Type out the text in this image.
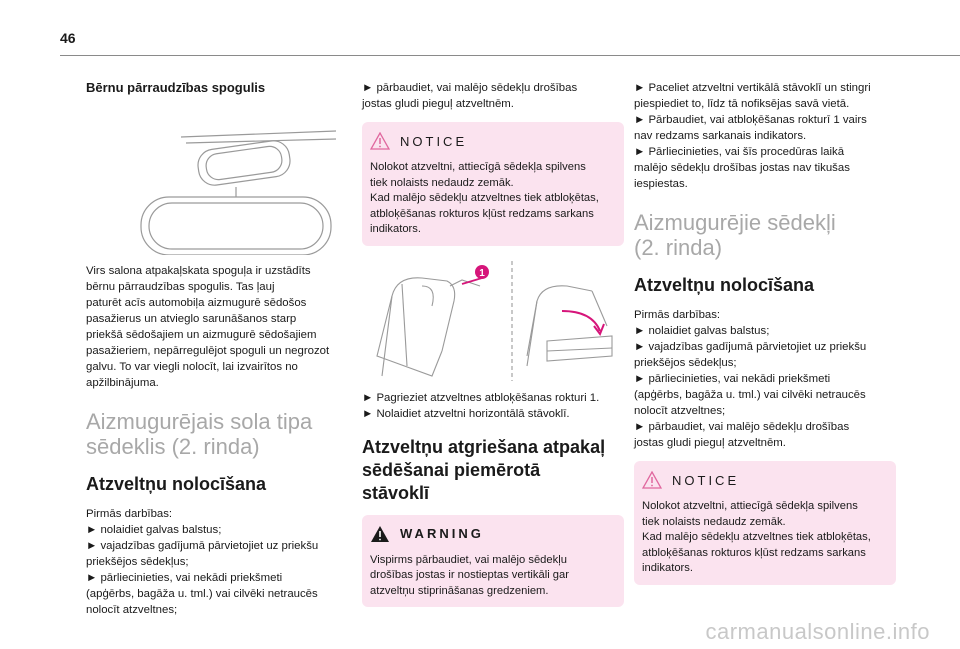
46
Bērnu pārraudzības spogulis

Virs salona atpakaļskata spoguļa ir uzstādīts
bērnu pārraudzības spogulis. Tas ļauj
paturēt acīs automobiļa aizmugurē sēdošos
pasažierus un atvieglo sarunāšanos starp
priekšā sēdošajiem un aizmugurē sēdošajiem
pasažieriem, nepārregulējot spoguli un negrozot
galvu. To var viegli nolocīt, lai izvairītos no
apžilbinājuma.

Aizmugurējais sola tipa
sēdeklis (2. rinda)
Atzveltņu nolocīšana

Pirmās darbības:
► nolaidiet galvas balstus;
► vajadzības gadījumā pārvietojiet uz priekšu
priekšējos sēdekļus;
► pārliecinieties, vai nekādi priekšmeti
(apģērbs, bagāža u. tml.) vai cilvēki netraucēs
nolocīt atzveltnes;

► pārbaudiet, vai malējo sēdekļu drošības
jostas gludi pieguļ atzveltnēm.

NOTICE

Nolokot atzveltni, attiecīgā sēdekļa spilvens
tiek nolaists nedaudz zemāk.
Kad malējo sēdekļu atzveltnes tiek atbloķētas,
atbloķēšanas rokturos kļūst redzams sarkans
indikators.

1

► Pagrieziet atzveltnes atbloķēšanas rokturi 1.
► Nolaidiet atzveltni horizontālā stāvoklī.

Atzveltņu atgriešana atpakaļ
sēdēšanai piemērotā
stāvoklī
WARNING

Vispirms pārbaudiet, vai malējo sēdekļu
drošības jostas ir nostieptas vertikāli gar
atzveltņu stiprināšanas gredzeniem.

► Paceliet atzveltni vertikālā stāvoklī un stingri
piespiediet to, līdz tā nofiksējas savā vietā.
► Pārbaudiet, vai atbloķēšanas rokturī 1 vairs
nav redzams sarkanais indikators.
► Pārliecinieties, vai šīs procedūras laikā
malējo sēdekļu drošības jostas nav tikušas
iespiestas.

Aizmugurējie sēdekļi
(2. rinda)
Atzveltņu nolocīšana

Pirmās darbības:
► nolaidiet galvas balstus;
► vajadzības gadījumā pārvietojiet uz priekšu
priekšējos sēdekļus;
► pārliecinieties, vai nekādi priekšmeti
(apģērbs, bagāža u. tml.) vai cilvēki netraucēs
nolocīt atzveltnes;
► pārbaudiet, vai malējo sēdekļu drošības
jostas gludi pieguļ atzveltnēm.

NOTICE

Nolokot atzveltni, attiecīgā sēdekļa spilvens
tiek nolaists nedaudz zemāk.
Kad malējo sēdekļu atzveltnes tiek atbloķētas,
atbloķēšanas rokturos kļūst redzams sarkans
indikators.

carmanualsonline.info
